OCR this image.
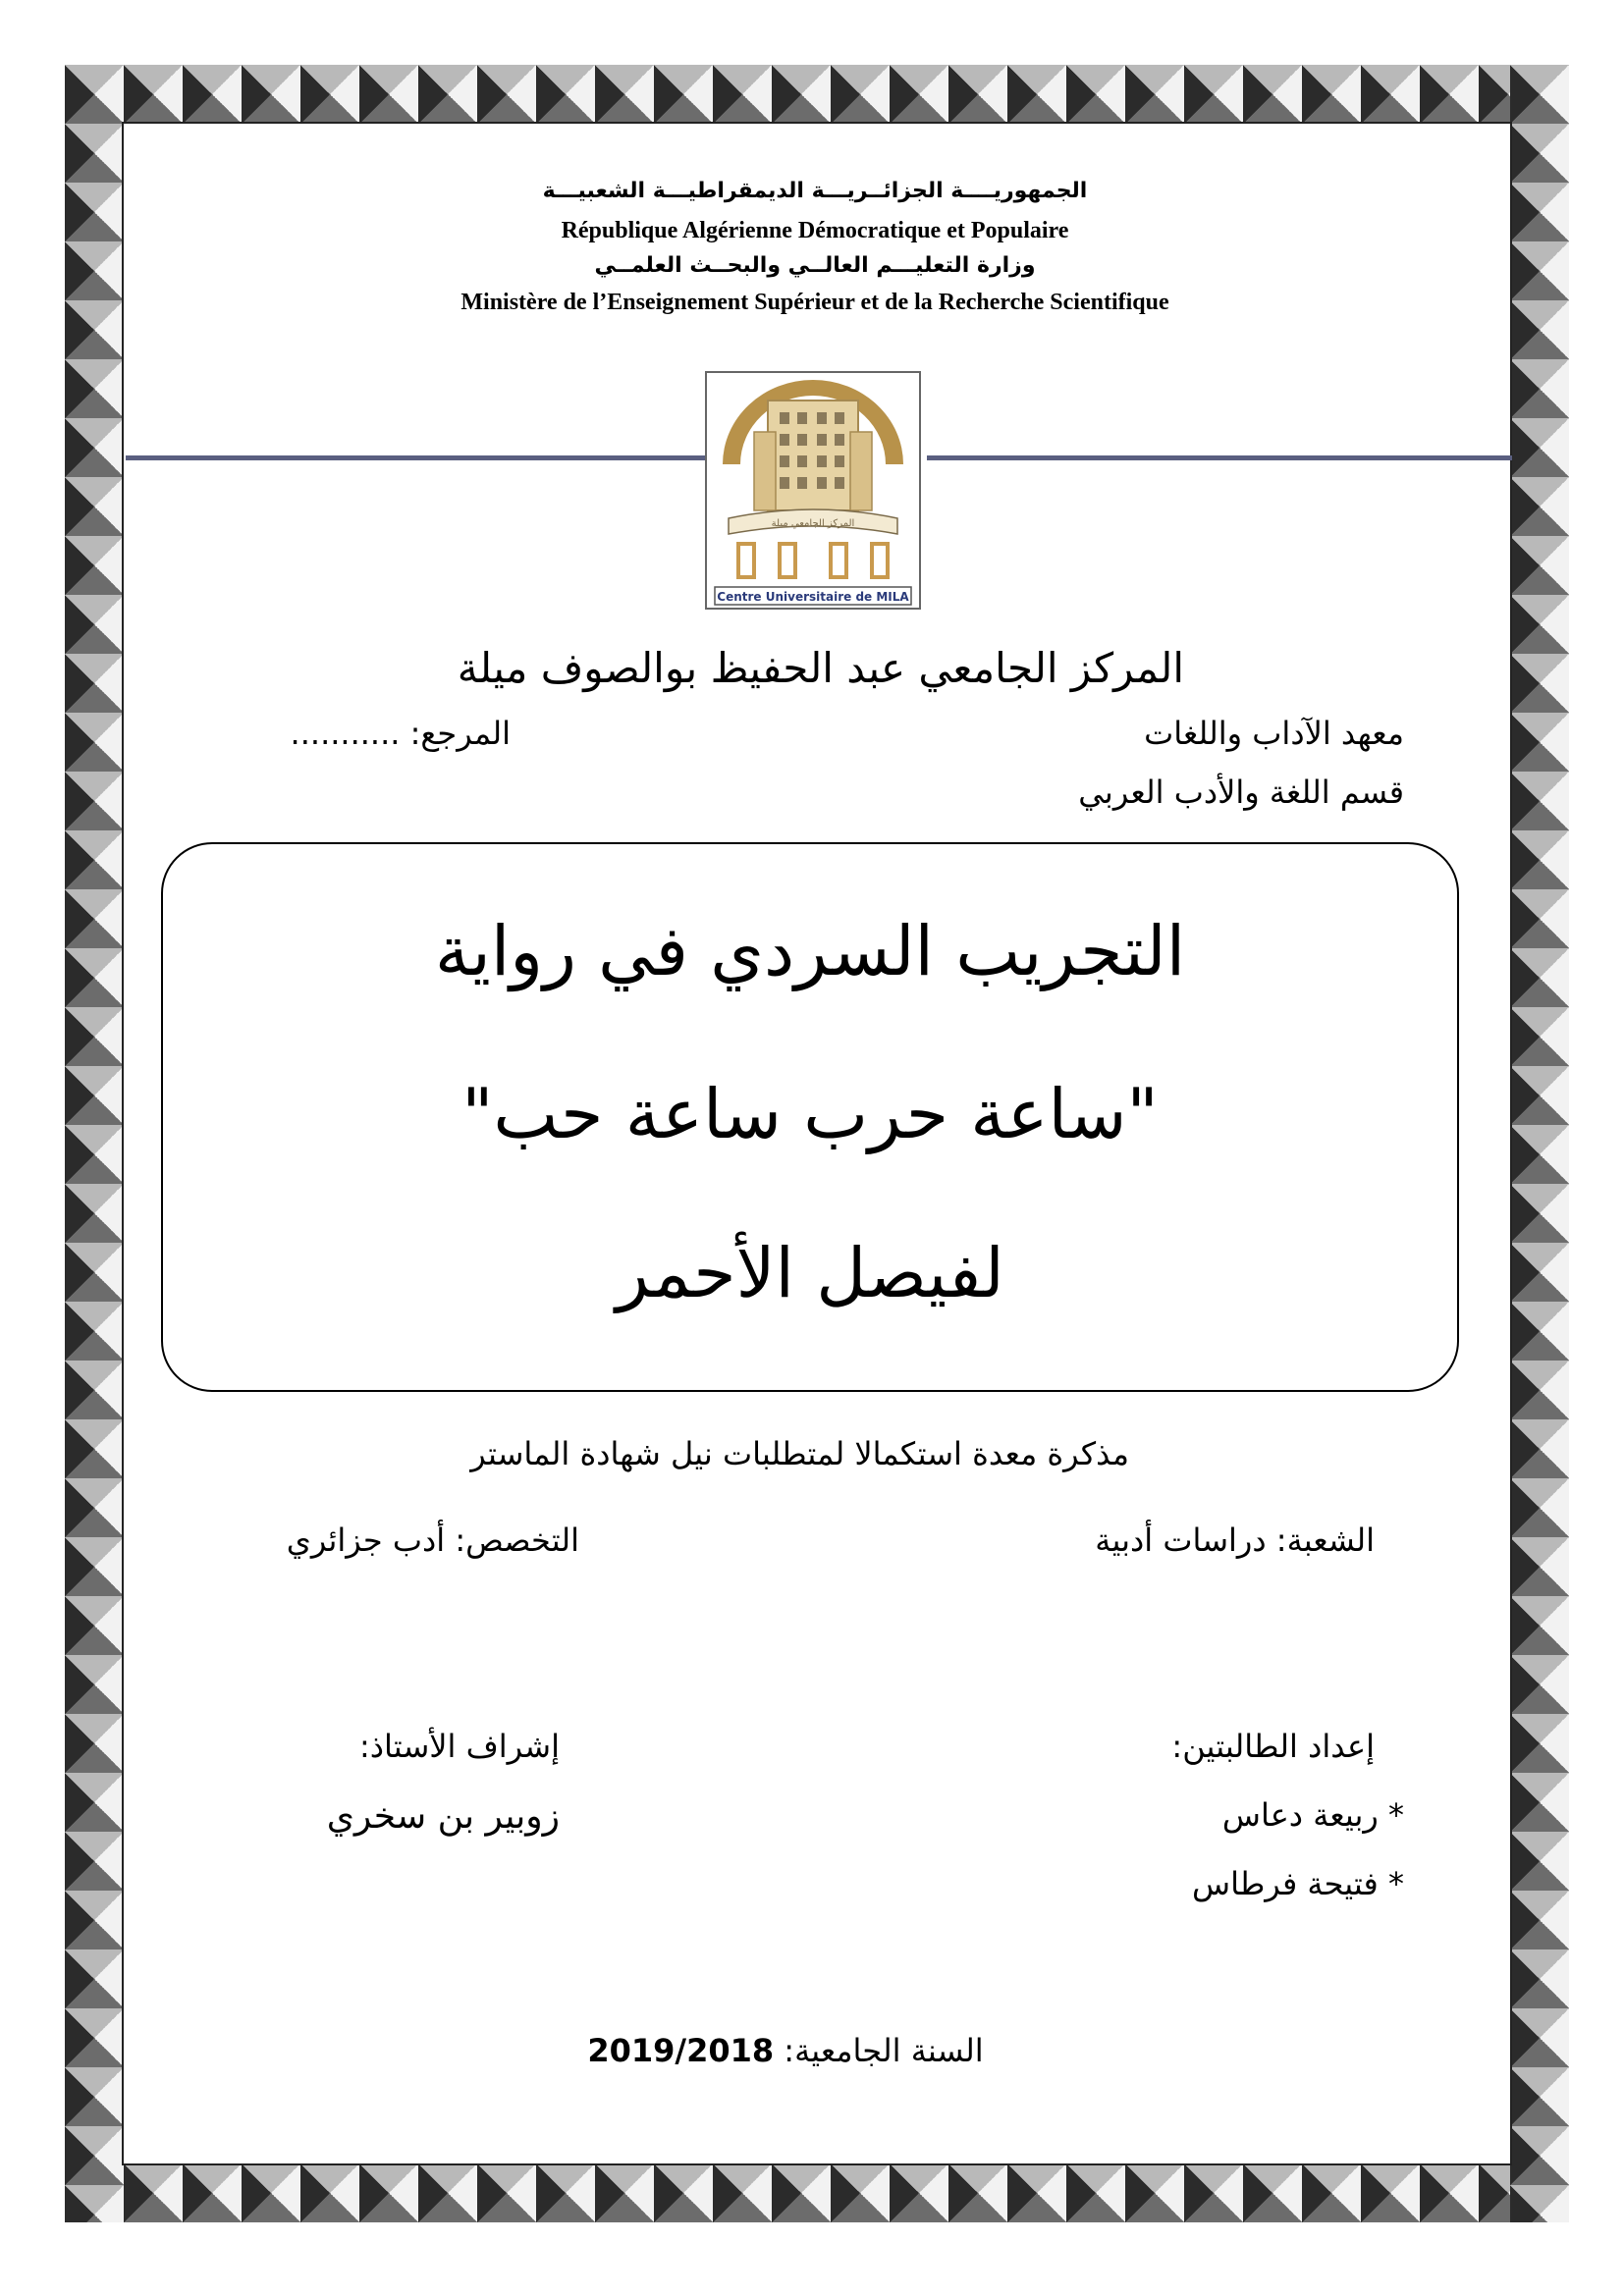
الجمهوريــــة الجزائــريـــة الديمقراطيـــة الشعبيـــة
République Algérienne Démocratique et Populaire
وزارة التعليـــم العالــي والبحــث العلمــي
Ministère de l’Enseignement Supérieur et de la Recherche Scientifique
المركز الجامعي ميلة
Centre Universitaire de MILA
المركز الجامعي عبد الحفيظ بوالصوف ميلة
معهد الآداب واللغات
المرجع: ...........
قسم اللغة والأدب العربي
التجريب السردي في رواية
"ساعة حرب ساعة حب"
لفيصل الأحمر
مذكرة معدة استكمالا لمتطلبات نيل شهادة الماستر
الشعبة: دراسات أدبية
التخصص: أدب جزائري
إعداد الطالبتين:
إشراف الأستاذ:
* ربيعة دعاس
زوبير بن سخري
* فتيحة فرطاس
السنة الجامعية: 2019/2018
